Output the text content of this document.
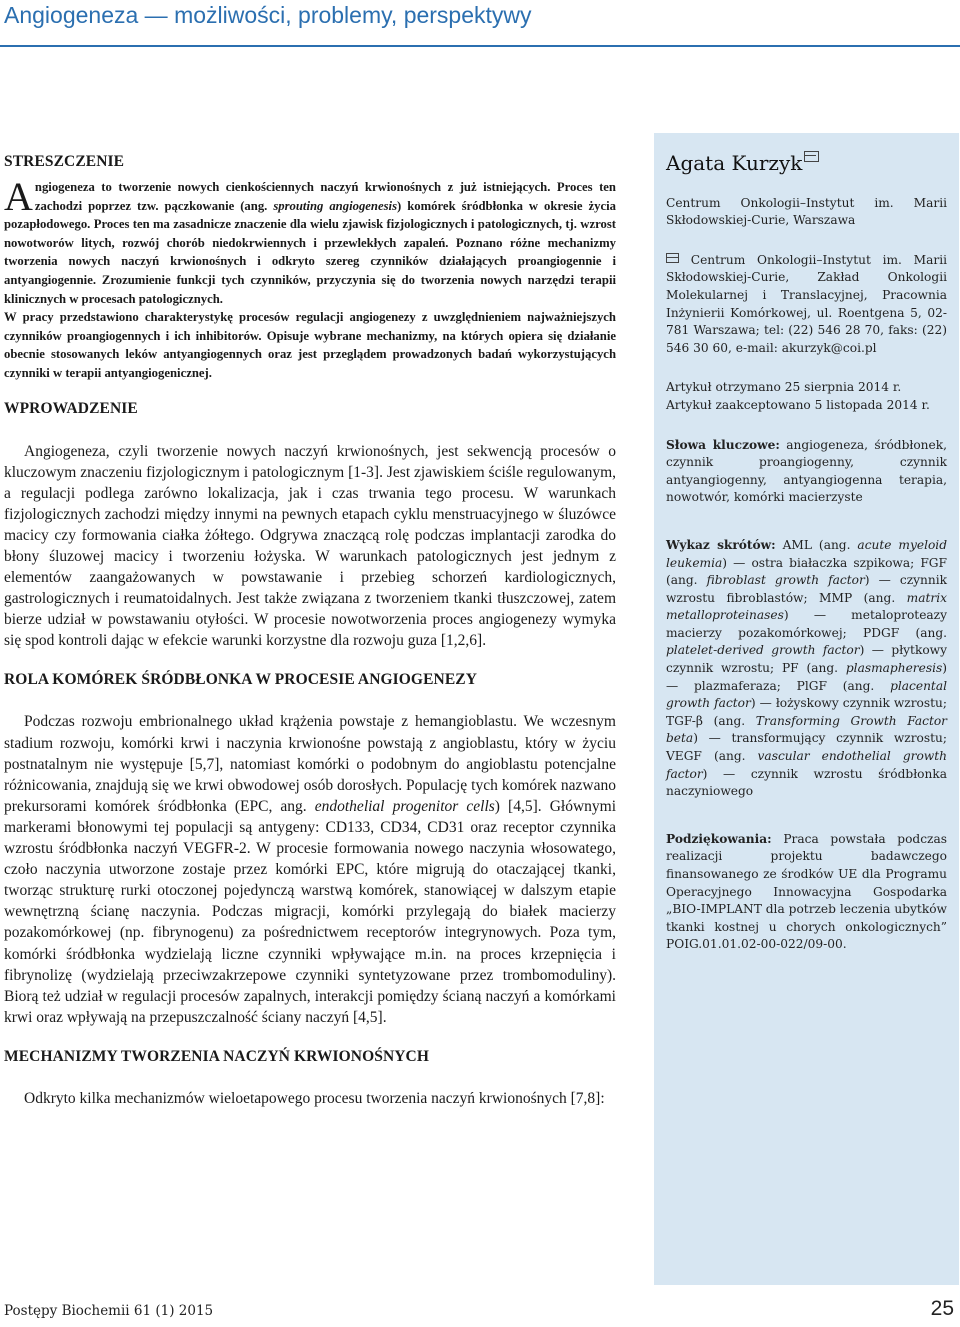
Angiogeneza — możliwości, problemy, perspektywy
STRESZCZENIE

Angiogeneza to tworzenie nowych cienkościennych naczyń krwionośnych z już istniejących. Proces ten zachodzi poprzez tzw. pączkowanie (ang. sprouting angiogenesis) komórek śródbłonka w okresie życia pozapłodowego. Proces ten ma zasadnicze znaczenie dla wielu zjawisk fizjologicznych i patologicznych, tj. wzrost nowotworów litych, rozwój chorób niedokrwiennych i przewlekłych zapaleń. Poznano różne mechanizmy tworzenia nowych naczyń krwionośnych i odkryto szereg czynników działających proangiogennie i antyangiogennie. Zrozumienie funkcji tych czynników, przyczynia się do tworzenia nowych narzędzi terapii klinicznych w procesach patologicznych.

W pracy przedstawiono charakterystykę procesów regulacji angiogenezy z uwzględnieniem najważniejszych czynników proangiogennych i ich inhibitorów. Opisuje wybrane mechanizmy, na których opiera się działanie obecnie stosowanych leków antyangiogennych oraz jest przeglądem prowadzonych badań wykorzystujących czynniki w terapii antyangiogenicznej.

WPROWADZENIE

Angiogeneza, czyli tworzenie nowych naczyń krwionośnych, jest sekwencją procesów o kluczowym znaczeniu fizjologicznym i patologicznym [1-3]. Jest zjawiskiem ściśle regulowanym, a regulacji podlega zarówno lokalizacja, jak i czas trwania tego procesu. W warunkach fizjologicznych zachodzi między innymi na pewnych etapach cyklu menstruacyjnego w śluzówce macicy czy formowania ciałka żółtego. Odgrywa znaczącą rolę podczas implantacji zarodka do błony śluzowej macicy i tworzeniu łożyska. W warunkach patologicznych jest jednym z elementów zaangażowanych w powstawanie i przebieg schorzeń kardiologicznych, gastrologicznych i reumatoidalnych. Jest także związana z tworzeniem tkanki tłuszczowej, zatem bierze udział w powstawaniu otyłości. W procesie nowotworzenia proces angiogenezy wymyka się spod kontroli dając w efekcie warunki korzystne dla rozwoju guza [1,2,6].

ROLA KOMÓREK ŚRÓDBŁONKA W PROCESIE ANGIOGENEZY

Podczas rozwoju embrionalnego układ krążenia powstaje z hemangioblastu. We wczesnym stadium rozwoju, komórki krwi i naczynia krwionośne powstają z angioblastu, który w życiu postnatalnym nie występuje [5,7], natomiast komórki o podobnym do angioblastu potencjalne różnicowania, znajdują się we krwi obwodowej osób dorosłych. Populację tych komórek nazwano prekursorami komórek śródbłonka (EPC, ang. endothelial progenitor cells) [4,5]. Głównymi markerami błonowymi tej populacji są antygeny: CD133, CD34, CD31 oraz receptor czynnika wzrostu śródbłonka naczyń VEGFR-2. W procesie formowania nowego naczynia włosowatego, czoło naczynia utworzone zostaje przez komórki EPC, które migrują do otaczającej tkanki, tworząc strukturę rurki otoczonej pojedynczą warstwą komórek, stanowiącej w dalszym etapie wewnętrzną ścianę naczynia. Podczas migracji, komórki przylegają do białek macierzy pozakomórkowej (np. fibrynogenu) za pośrednictwem receptorów integrynowych. Poza tym, komórki śródbłonka wydzielają liczne czynniki wpływające m.in. na proces krzepnięcia i fibrynolizę (wydzielają przeciwzakrzepowe czynniki syntetyzowane przez trombomoduliny). Biorą też udział w regulacji procesów zapalnych, interakcji pomiędzy ścianą naczyń a komórkami krwi oraz wpływają na przepuszczalność ściany naczyń [4,5].

MECHANIZMY TWORZENIA NACZYŃ KRWIONOŚNYCH

Odkryto kilka mechanizmów wieloetapowego procesu tworzenia naczyń krwionośnych [7,8]:

Agata Kurzyk

Centrum Onkologii–Instytut im. Marii Skłodowskiej-Curie, Warszawa

Centrum Onkologii–Instytut im. Marii Skłodowskiej-Curie, Zakład Onkologii Molekularnej i Translacyjnej, Pracownia Inżynierii Komórkowej, ul. Roentgena 5, 02-781 Warszawa; tel: (22) 546 28 70, faks: (22) 546 30 60, e-mail: akurzyk@coi.pl

Artykuł otrzymano 25 sierpnia 2014 r.

Artykuł zaakceptowano 5 listopada 2014 r.

Słowa kluczowe: angiogeneza, śródbłonek, czynnik proangiogenny, czynnik antyangiogenny, antyangiogenna terapia, nowotwór, komórki macierzyste

Wykaz skrótów: AML (ang. acute myeloid leukemia) — ostra białaczka szpikowa; FGF (ang. fibroblast growth factor) — czynnik wzrostu fibroblastów; MMP (ang. matrix metalloproteinases) — metaloproteazy macierzy pozakomórkowej; PDGF (ang. platelet-derived growth factor) — płytkowy czynnik wzrostu; PF (ang. plasmapheresis) — plazmaferaza; PlGF (ang. placental growth factor) — łożyskowy czynnik wzrostu; TGF-β (ang. Transforming Growth Factor beta) — transformujący czynnik wzrostu; VEGF (ang. vascular endothelial growth factor) — czynnik wzrostu śródbłonka naczyniowego

Podziękowania: Praca powstała podczas realizacji projektu badawczego finansowanego ze środków UE dla Programu Operacyjnego Innowacyjna Gospodarka „BIO-IMPLANT dla potrzeb leczenia ubytków tkanki kostnej u chorych onkologicznych” POIG.01.01.02-00-022/09-00.

Postępy Biochemii 61 (1) 2015	25
